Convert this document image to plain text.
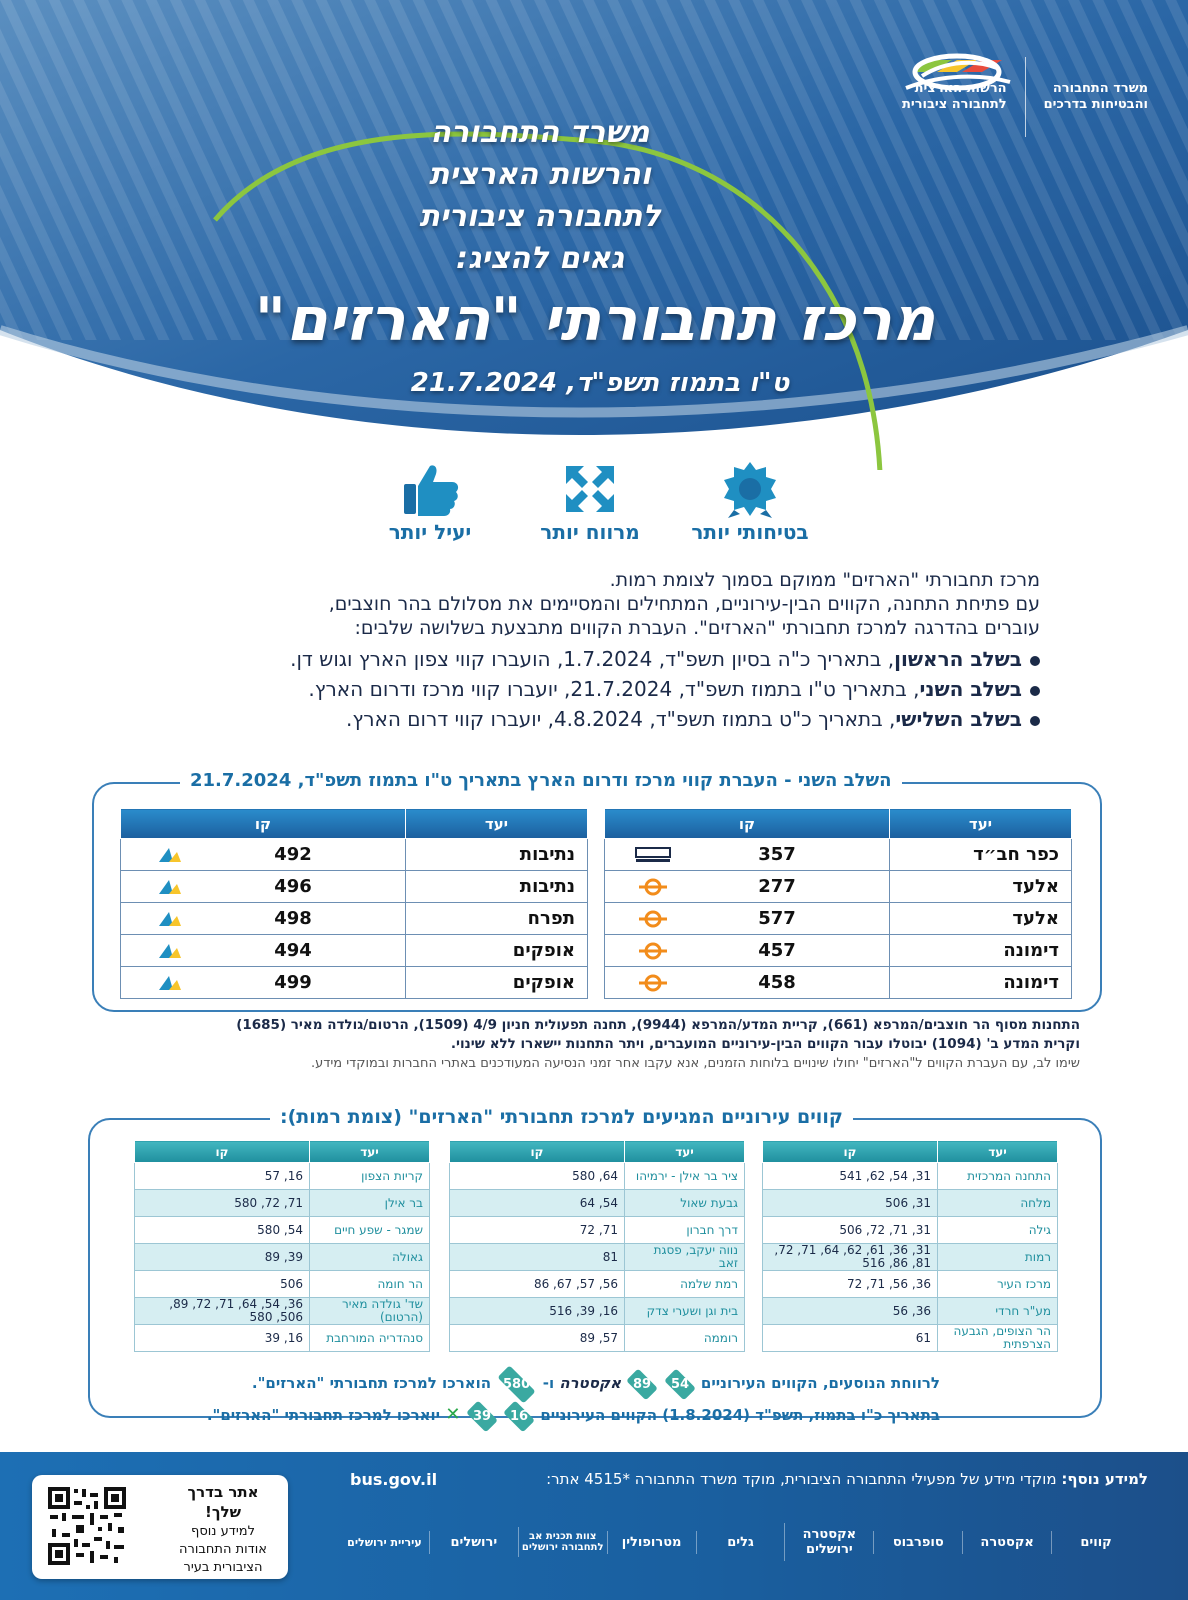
הרשות הארצית
לתחבורה ציבורית
משרד התחבורה
והבטיחות בדרכים
משרד התחבורה
והרשות הארצית
לתחבורה ציבורית
גאים להציג:
מרכז תחבורתי "הארזים"
ט"ו בתמוז תשפ"ד, 21.7.2024
בטיחותי יותר
מרווח יותר
יעיל יותר

מרכז תחבורתי "הארזים" ממוקם בסמוך לצומת רמות.

עם פתיחת התחנה, הקווים הבין-עירוניים, המתחילים והמסיימים את מסלולם בהר חוצבים,

עוברים בהדרגה למרכז תחבורתי "הארזים". העברת הקווים מתבצעת בשלושה שלבים:

בשלב הראשון, בתאריך כ"ה בסיון תשפ"ד, 1.7.2024, הועברו קווי צפון הארץ וגוש דן.
בשלב השני, בתאריך ט"ו בתמוז תשפ"ד, 21.7.2024, יועברו קווי מרכז ודרום הארץ.
בשלב השלישי, בתאריך כ"ט בתמוז תשפ"ד, 4.8.2024, יועברו קווי דרום הארץ.
השלב השני - העברת קווי מרכז ודרום הארץ בתאריך ט"ו בתמוז תשפ"ד, 21.7.2024
יעד	קו
כפר חב״ד	357

אלעד	277

אלעד	577

דימונה	457

דימונה	458
יעד	קו
נתיבות	492

נתיבות	496

תפרח	498

אופקים	494

אופקים	499
התחנות מסוף הר חוצבים/המרפא (661), קריית המדע/המרפא (9944), תחנה תפעולית חניון 4/9 (1509), הרטום/גולדה מאיר (1685)
וקרית המדע ב' (1094) יבוטלו עבור הקווים הבין-עירוניים המועברים, ויתר התחנות יישארו ללא שינוי.
שימו לב, עם העברת הקווים ל"הארזים" יחולו שינויים בלוחות הזמנים, אנא עקבו אחר זמני הנסיעה המעודכנים באתרי החברות ובמוקדי מידע.
קווים עירוניים המגיעים למרכז תחבורתי "הארזים" (צומת רמות):
יעד	קו
התחנה המרכזית	31, 54, 62, 541
מלחה	31, 506
גילה	31, 71, 72, 506
רמות	31, 36, 61, 62, 64, 71, 72, 81, 86, 516
מרכז העיר	36, 56, 71, 72
מע"ר חרדי	36, 56
הר הצופים, הגבעה הצרפתית	61
יעד	קו
ציר בר אילן - ירמיהו	64, 580
גבעת שאול	54, 64
דרך חברון	71, 72
נווה יעקב, פסגת זאב	81
רמת שלמה	56, 57, 67, 86
בית וגן ושערי צדק	16, 39, 516
רוממה	57, 89
יעד	קו
קריות הצפון	16, 57
בר אילן	71, 72, 580
שמגר - שפע חיים	54, 580
גאולה	39, 89
הר חומה	506
שד' גולדה מאיר (הרטום)	36, 54, 64, 71, 72, 89, 506, 580
סנהדריה המורחבת	16, 39
לרווחת הנוסעים, הקווים העירוניים 54 89 אקסטרה ו- 580 הוארכו למרכז תחבורתי "הארזים".
בתאריך כ"ו בתמוז, תשפ"ד (1.8.2024) הקווים העירוניים 16 39 ✕ יוארכו למרכז תחבורתי "הארזים".
למידע נוסף: מוקדי מידע של מפעילי התחבורה הציבורית, מוקד משרד התחבורה *4515 אתר:
bus.gov.il
קווים
אקסטרה
סופרבוס
אקסטרה ירושלים
גלים
מטרופולין
צוות תכנית אב לתחבורה ירושלים
ירושלים
עיריית ירושלים
אתר בדרך שלך!
למידע נוסף
אודות התחבורה
הציבורית בעיר
